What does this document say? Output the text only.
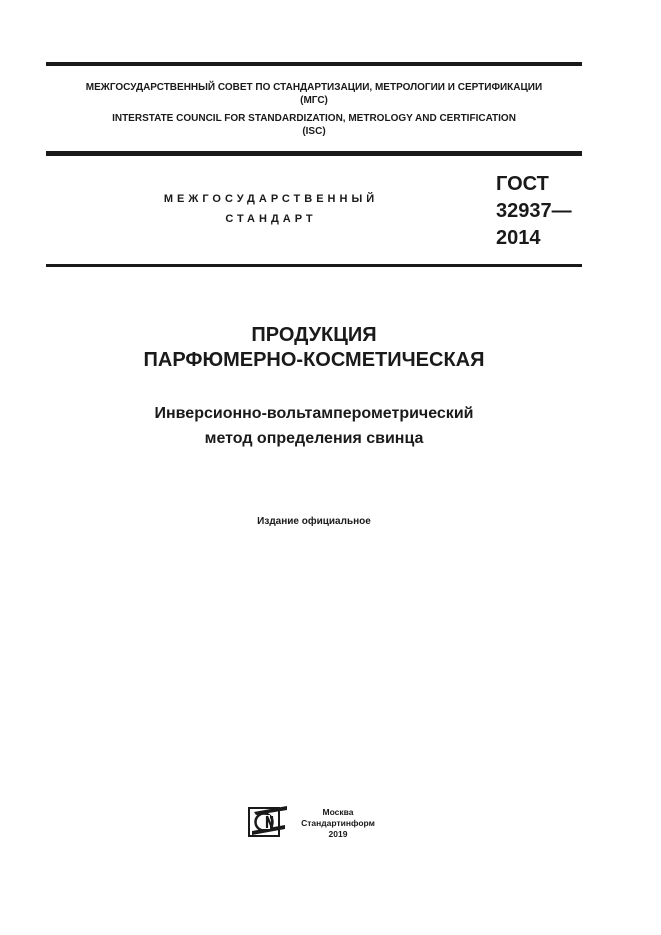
МЕЖГОСУДАРСТВЕННЫЙ СОВЕТ ПО СТАНДАРТИЗАЦИИ, МЕТРОЛОГИИ И СЕРТИФИКАЦИИ
(МГС)
INTERSTATE COUNCIL FOR STANDARDIZATION, METROLOGY AND CERTIFICATION
(ISC)
МЕЖГОСУДАРСТВЕННЫЙ
СТАНДАРТ
ГОСТ
32937—
2014
ПРОДУКЦИЯ
ПАРФЮМЕРНО-КОСМЕТИЧЕСКАЯ
Инверсионно-вольтамперометрический
метод определения свинца
Издание официальное
Москва
Стандартинформ
2019
